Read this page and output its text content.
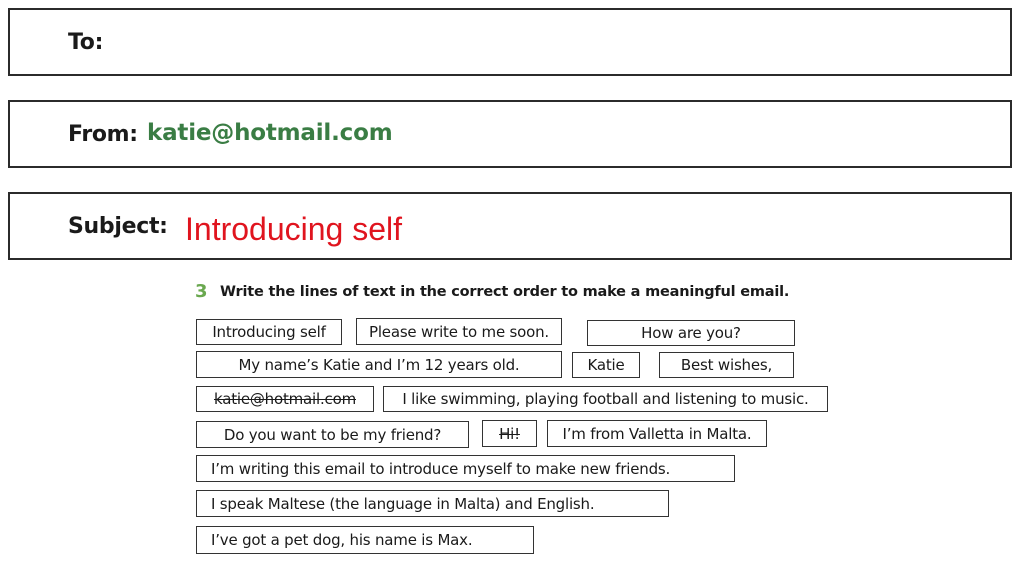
To:
From: katie@hotmail.com
Subject: Introducing self
3 Write the lines of text in the correct order to make a meaningful email.
Introducing self	Please write to me soon.	How are you?
My name’s Katie and I’m 12 years old.	Katie	Best wishes,
katie@hotmail.com	I like swimming, playing football and listening to music.
Do you want to be my friend?	Hi!	I’m from Valletta in Malta.
I’m writing this email to introduce myself to make new friends.
I speak Maltese (the language in Malta) and English.
I’ve got a pet dog, his name is Max.
